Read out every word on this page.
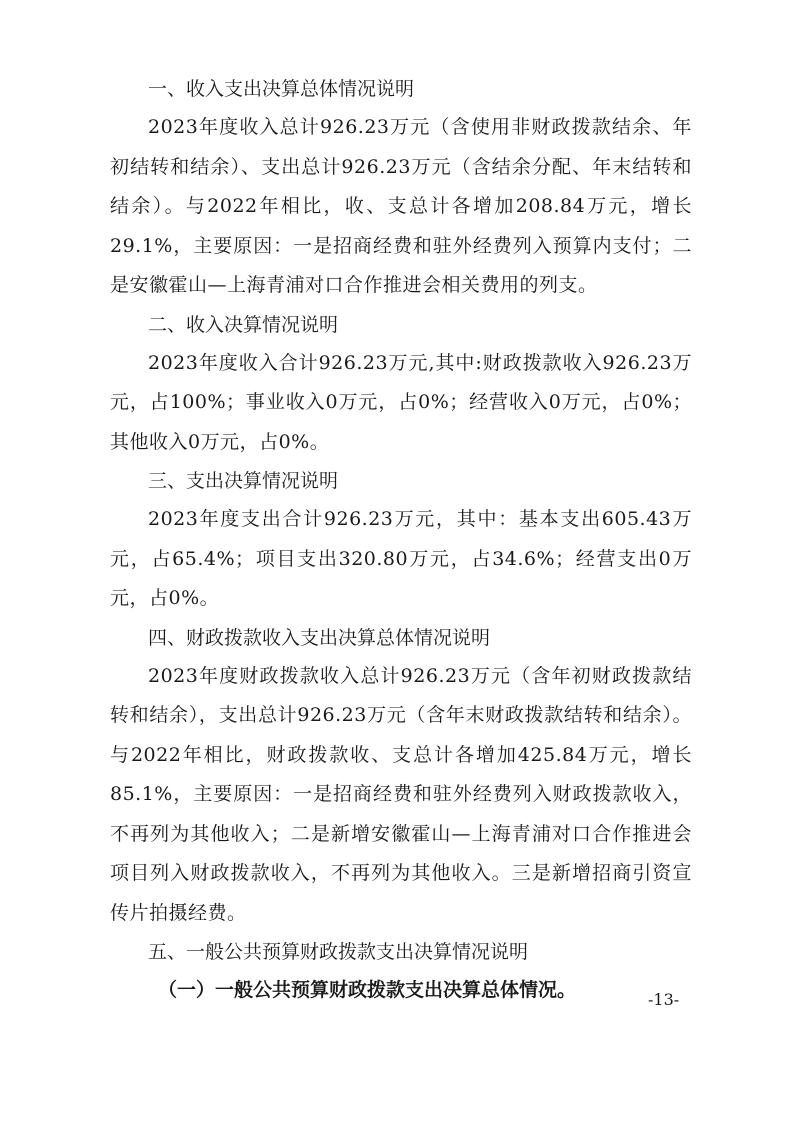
一、收入支出决算总体情况说明

2023年度收入总计926.23万元（含使用非财政拨款结余、年初结转和结余）、支出总计926.23万元（含结余分配、年末结转和结余）。与2022年相比，收、支总计各增加208.84万元，增长29.1%，主要原因：一是招商经费和驻外经费列入预算内支付；二是安徽霍山—上海青浦对口合作推进会相关费用的列支。

二、收入决算情况说明

2023年度收入合计926.23万元,其中:财政拨款收入926.23万元，占100%；事业收入0万元，占0%；经营收入0万元，占0%；其他收入0万元，占0%。

三、支出决算情况说明

2023年度支出合计926.23万元，其中：基本支出605.43万元，占65.4%；项目支出320.80万元，占34.6%；经营支出0万元，占0%。

四、财政拨款收入支出决算总体情况说明

2023年度财政拨款收入总计926.23万元（含年初财政拨款结转和结余），支出总计926.23万元（含年末财政拨款结转和结余）。与2022年相比，财政拨款收、支总计各增加425.84万元，增长85.1%，主要原因：一是招商经费和驻外经费列入财政拨款收入，不再列为其他收入；二是新增安徽霍山—上海青浦对口合作推进会项目列入财政拨款收入，不再列为其他收入。三是新增招商引资宣传片拍摄经费。

五、一般公共预算财政拨款支出决算情况说明

（一）一般公共预算财政拨款支出决算总体情况。	-13-
